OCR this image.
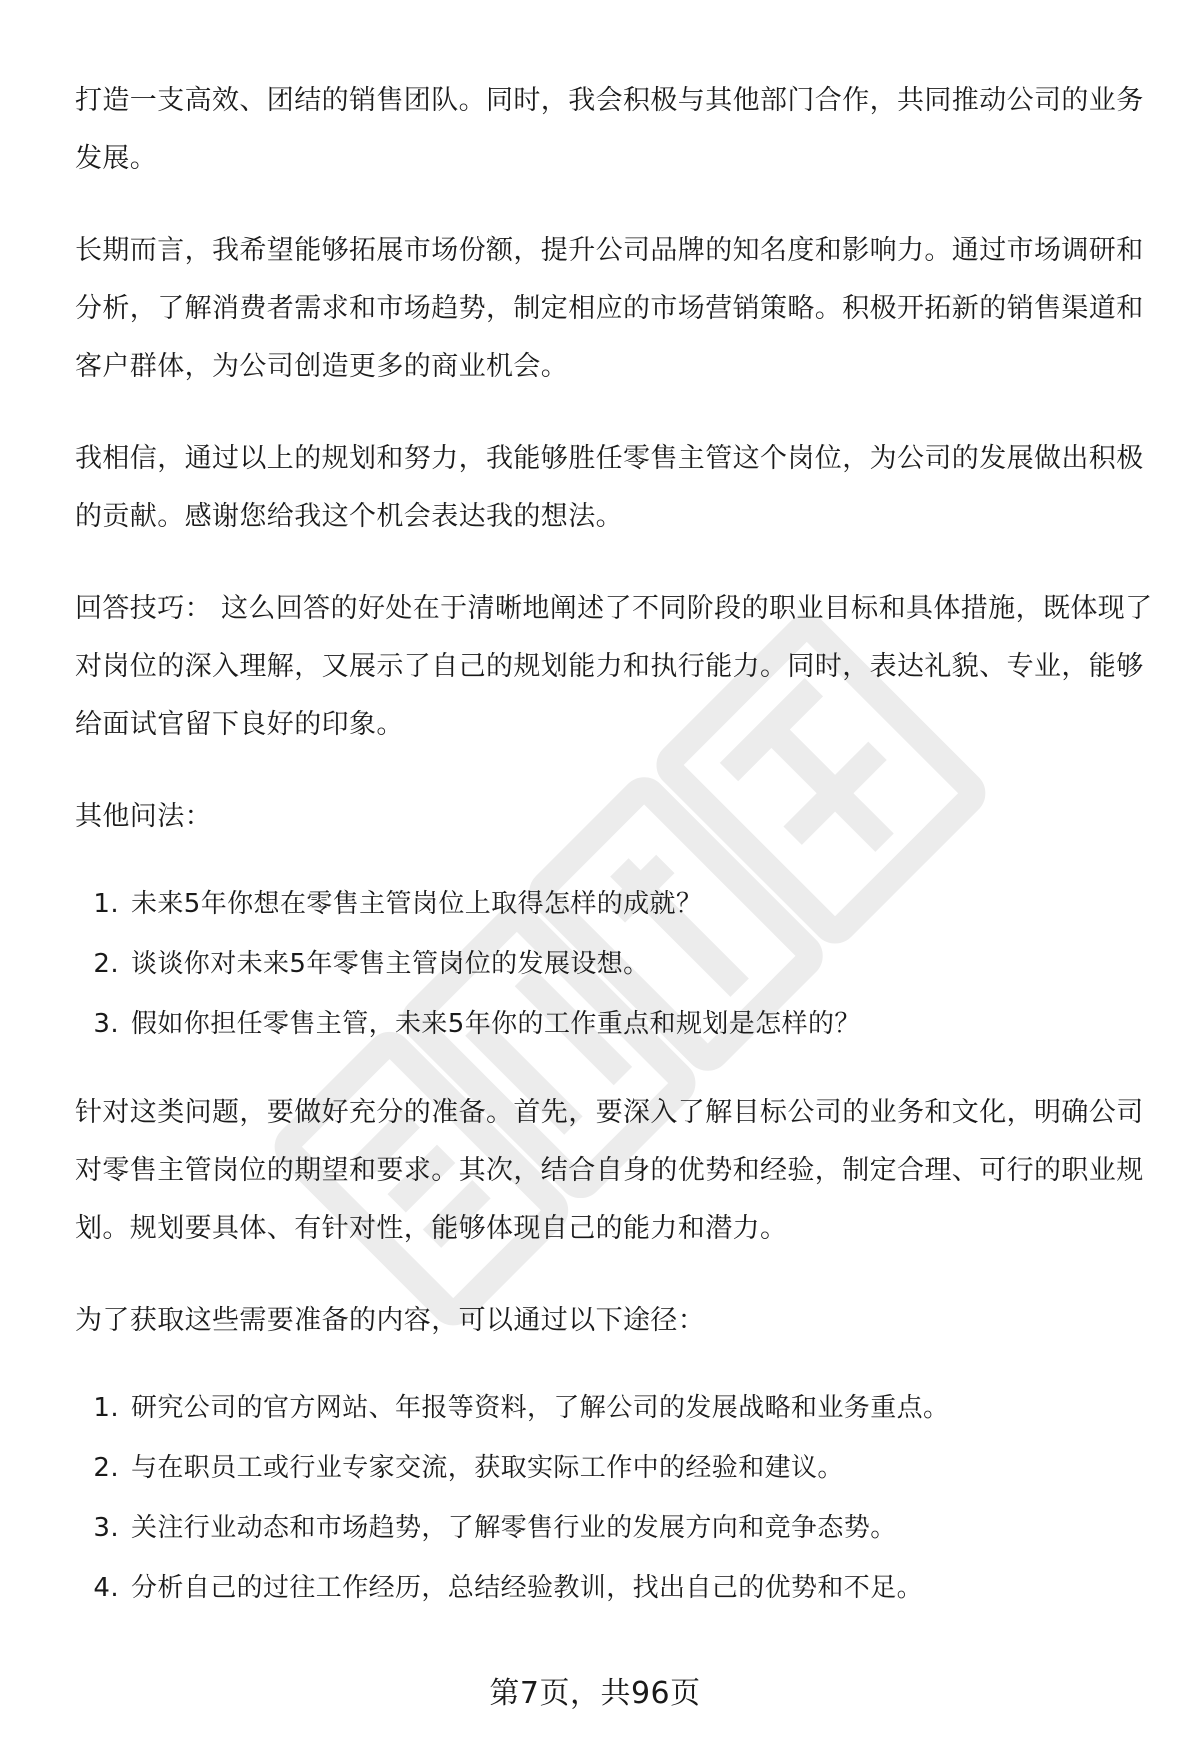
打造一支高效、团结的销售团队。同时，我会积极与其他部门合作，共同推动公司的业务发展。

长期而言，我希望能够拓展市场份额，提升公司品牌的知名度和影响力。通过市场调研和分析，了解消费者需求和市场趋势，制定相应的市场营销策略。积极开拓新的销售渠道和客户群体，为公司创造更多的商业机会。

我相信，通过以上的规划和努力，我能够胜任零售主管这个岗位，为公司的发展做出积极的贡献。感谢您给我这个机会表达我的想法。

回答技巧： 这么回答的好处在于清晰地阐述了不同阶段的职业目标和具体措施，既体现了对岗位的深入理解，又展示了自己的规划能力和执行能力。同时，表达礼貌、专业，能够给面试官留下良好的印象。

其他问法：

1. 未来5年你想在零售主管岗位上取得怎样的成就？
2. 谈谈你对未来5年零售主管岗位的发展设想。
3. 假如你担任零售主管，未来5年你的工作重点和规划是怎样的？

针对这类问题，要做好充分的准备。首先，要深入了解目标公司的业务和文化，明确公司对零售主管岗位的期望和要求。其次，结合自身的优势和经验，制定合理、可行的职业规划。规划要具体、有针对性，能够体现自己的能力和潜力。

为了获取这些需要准备的内容，可以通过以下途径：

1. 研究公司的官方网站、年报等资料，了解公司的发展战略和业务重点。
2. 与在职员工或行业专家交流，获取实际工作中的经验和建议。
3. 关注行业动态和市场趋势，了解零售行业的发展方向和竞争态势。
4. 分析自己的过往工作经历，总结经验教训，找出自己的优势和不足。
第7页，共96页
